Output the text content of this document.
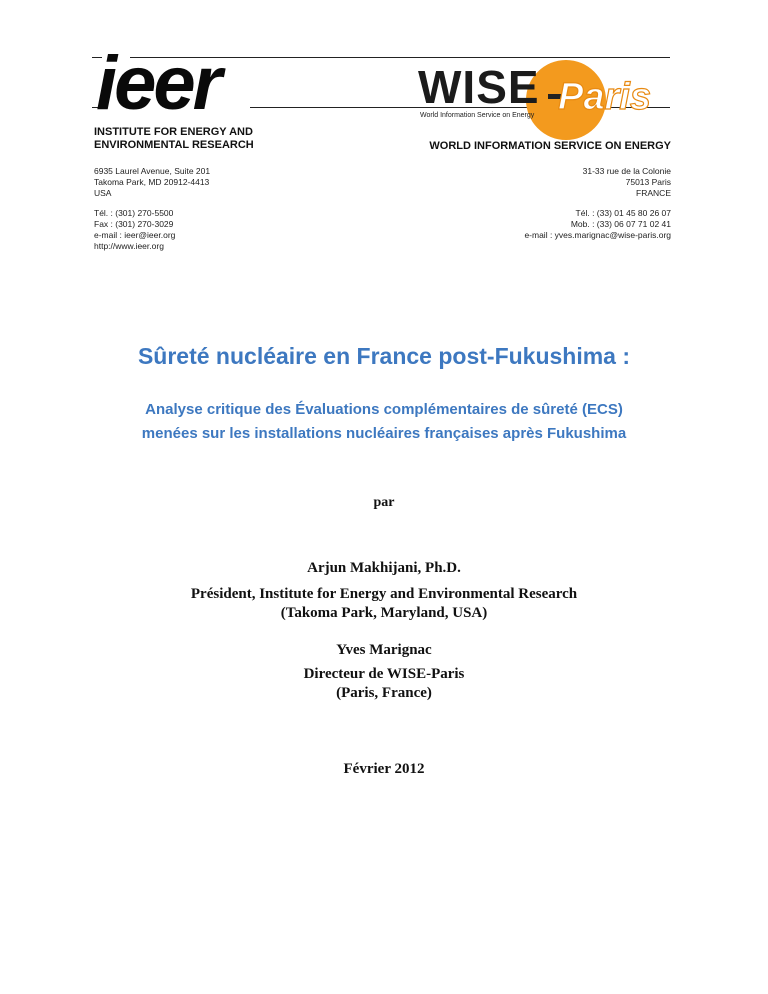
ieer	WISE Paris
World Information Service on Energy
INSTITUTE FOR ENERGY AND
ENVIRONMENTAL RESEARCH	WORLD INFORMATION SERVICE ON ENERGY
6935 Laurel Avenue, Suite 201
Takoma Park, MD 20912-4413
USA
Tél. : (301) 270-5500
Fax : (301) 270-3029
e-mail : ieer@ieer.org
http://www.ieer.org
31-33 rue de la Colonie
75013 Paris
FRANCE
Tél. : (33) 01 45 80 26 07
Mob. : (33) 06 07 71 02 41
e-mail : yves.marignac@wise-paris.org
Sûreté nucléaire en France post-Fukushima :
Analyse critique des Évaluations complémentaires de sûreté (ECS)
menées sur les installations nucléaires françaises après Fukushima
par
Arjun Makhijani, Ph.D.
Président, Institute for Energy and Environmental Research
(Takoma Park, Maryland, USA)
Yves Marignac
Directeur de WISE-Paris
(Paris, France)
Février 2012
